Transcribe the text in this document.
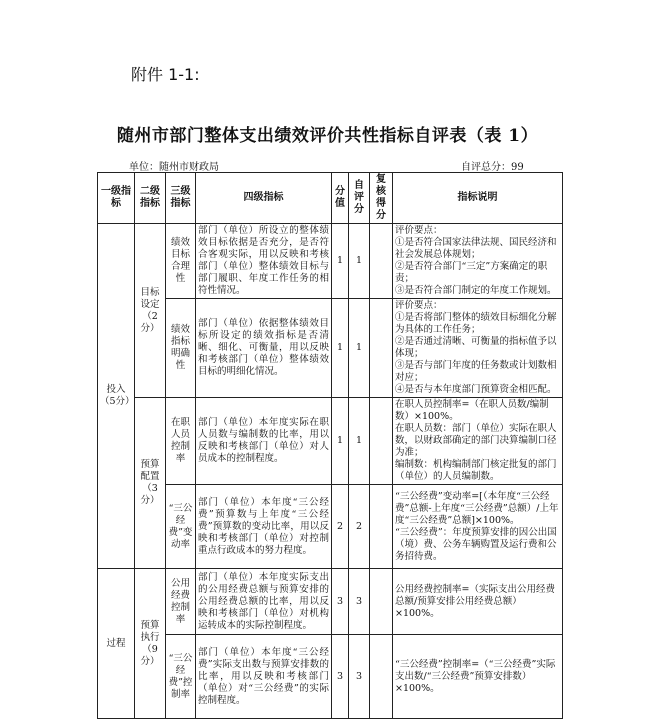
附件 1-1:
随州市部门整体支出绩效评价共性指标自评表（表 1）
单位：随州市财政局	自评总分：99
一级指标	二级指标	三级指标	四级指标	分值	自评分	复核得分	指标说明
投入（5分）	目标设定（2分）	绩效目标合理性	部门（单位）所设立的整体绩效目标依据是否充分，是否符合客观实际，用以反映和考核部门（单位）整体绩效目标与部门履职、年度工作任务的相符性情况。	1	1		评价要点：
①是否符合国家法律法规、国民经济和社会发展总体规划；
②是否符合部门“三定”方案确定的职责；
③是否符合部门制定的年度工作规划。
		绩效指标明确性	部门（单位）依据整体绩效目标所设定的绩效指标是否清晰、细化、可衡量，用以反映和考核部门（单位）整体绩效目标的明细化情况。	1	1		评价要点：
①是否将部门整体的绩效目标细化分解为具体的工作任务；
②是否通过清晰、可衡量的指标值予以体现；
③是否与部门年度的任务数或计划数相对应；
④是否与本年度部门预算资金相匹配。
	预算配置（3分）	在职人员控制率	部门（单位）本年度实际在职人员数与编制数的比率，用以反映和考核部门（单位）对人员成本的控制程度。	1	1		在职人员控制率=（在职人员数/编制数）×100%。
在职人员数：部门（单位）实际在职人数，以财政部确定的部门决算编制口径为准；
编制数：机构编制部门核定批复的部门（单位）的人员编制数。
		“三公经费”变动率	部门（单位）本年度“三公经费”预算数与上年度“三公经费”预算数的变动比率，用以反映和考核部门（单位）对控制重点行政成本的努力程度。	2	2		“三公经费”变动率=[（本年度“三公经费”总额-上年度“三公经费”总额）/上年度“三公经费”总额]×100%。
“三公经费”：年度预算安排的因公出国（境）费、公务车辆购置及运行费和公务招待费。
过程	预算执行（9分）	公用经费控制率	部门（单位）本年度实际支出的公用经费总额与预算安排的公用经费总额的比率，用以反映和考核部门（单位）对机构运转成本的实际控制程度。	3	3		公用经费控制率=（实际支出公用经费总额/预算安排公用经费总额）×100%。
		“三公经费”控制率	部门（单位）本年度“三公经费”实际支出数与预算安排数的比率，用以反映和考核部门（单位）对“三公经费”的实际控制程度。	3	3		“三公经费”控制率=（“三公经费”实际支出数/“三公经费”预算安排数）×100%。
